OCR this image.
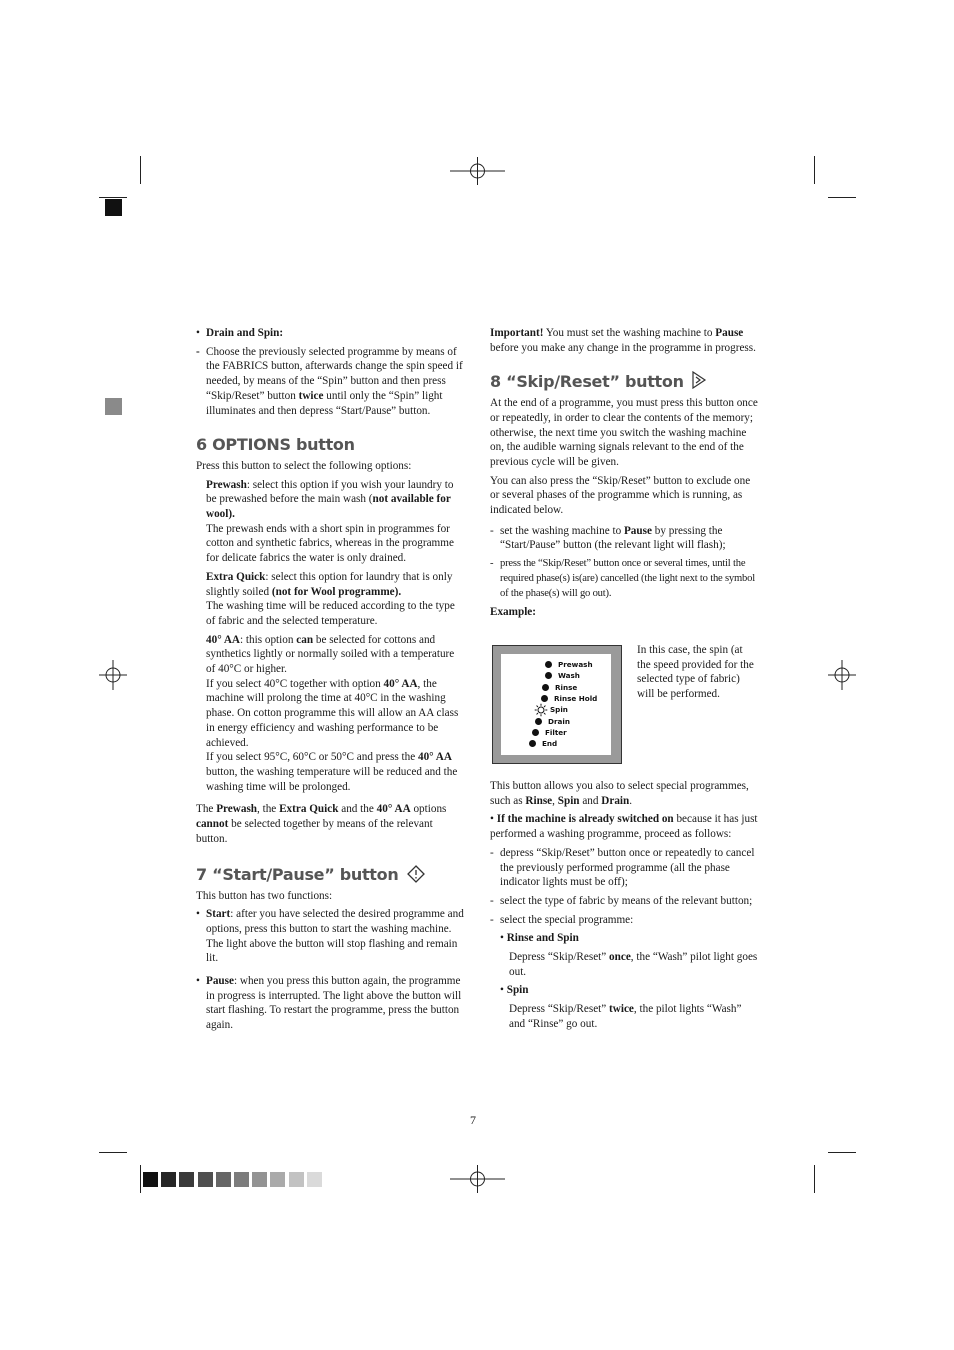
• Drain and Spin:

- Choose the previously selected programme by means of the FABRICS button, afterwards change the spin speed if needed, by means of the “Spin” button and then press “Skip/Reset” button twice until only the “Spin” light illuminates and then depress “Start/Pause” button.

6 OPTIONS button

Press this button to select the following options:

Prewash: select this option if you wish your laundry to be prewashed before the main wash (not available for wool).

The prewash ends with a short spin in programmes for cotton and synthetic fabrics, whereas in the programme for delicate fabrics the water is only drained.

Extra Quick: select this option for laundry that is only slightly soiled (not for Wool programme).

The washing time will be reduced according to the type of fabric and the selected temperature.

40° AA: this option can be selected for cottons and synthetics lightly or normally soiled with a temperature of 40°C or higher.

If you select 40°C together with option 40° AA, the machine will prolong the time at 40°C in the washing phase. On cotton programme this will allow an AA class in energy efficiency and washing performance to be achieved.

If you select 95°C, 60°C or 50°C and press the 40° AA button, the washing temperature will be reduced and the washing time will be prolonged.

The Prewash, the Extra Quick and the 40° AA options cannot be selected together by means of the relevant button.

7 “Start/Pause” button

This button has two functions:

• Start: after you have selected the desired programme and options, press this button to start the washing machine. The light above the button will stop flashing and remain lit.

• Pause: when you press this button again, the programme in progress is interrupted. The light above the button will start flashing. To restart the programme, press the button again.

Important! You must set the washing machine to Pause before you make any change in the programme in progress.

8 “Skip/Reset” button

At the end of a programme, you must press this button once or repeatedly, in order to clear the contents of the memory; otherwise, the next time you switch the washing machine on, the audible warning signals relevant to the end of the previous cycle will be given.

You can also press the “Skip/Reset” button to exclude one or several phases of the programme which is running, as indicated below.

- set the washing machine to Pause by pressing the “Start/Pause” button (the relevant light will flash);

- press the “Skip/Reset” button once or several times, until the required phase(s) is(are) cancelled (the light next to the symbol of the phase(s) will go out).

Example:

Prewash
Wash
Rinse
Rinse Hold
Spin
Drain
Filter
End
In this case, the spin (at the speed provided for the selected type of fabric) will be performed.

This button allows you also to select special programmes, such as Rinse, Spin and Drain.

• If the machine is already switched on because it has just performed a washing programme, proceed as follows:

- depress “Skip/Reset” button once or repeatedly to cancel the previously performed programme (all the phase indicator lights must be off);

- select the type of fabric by means of the relevant button;

- select the special programme:

• Rinse and Spin

Depress “Skip/Reset” once, the “Wash” pilot light goes out.

• Spin

Depress “Skip/Reset” twice, the pilot lights “Wash” and “Rinse” go out.

7
